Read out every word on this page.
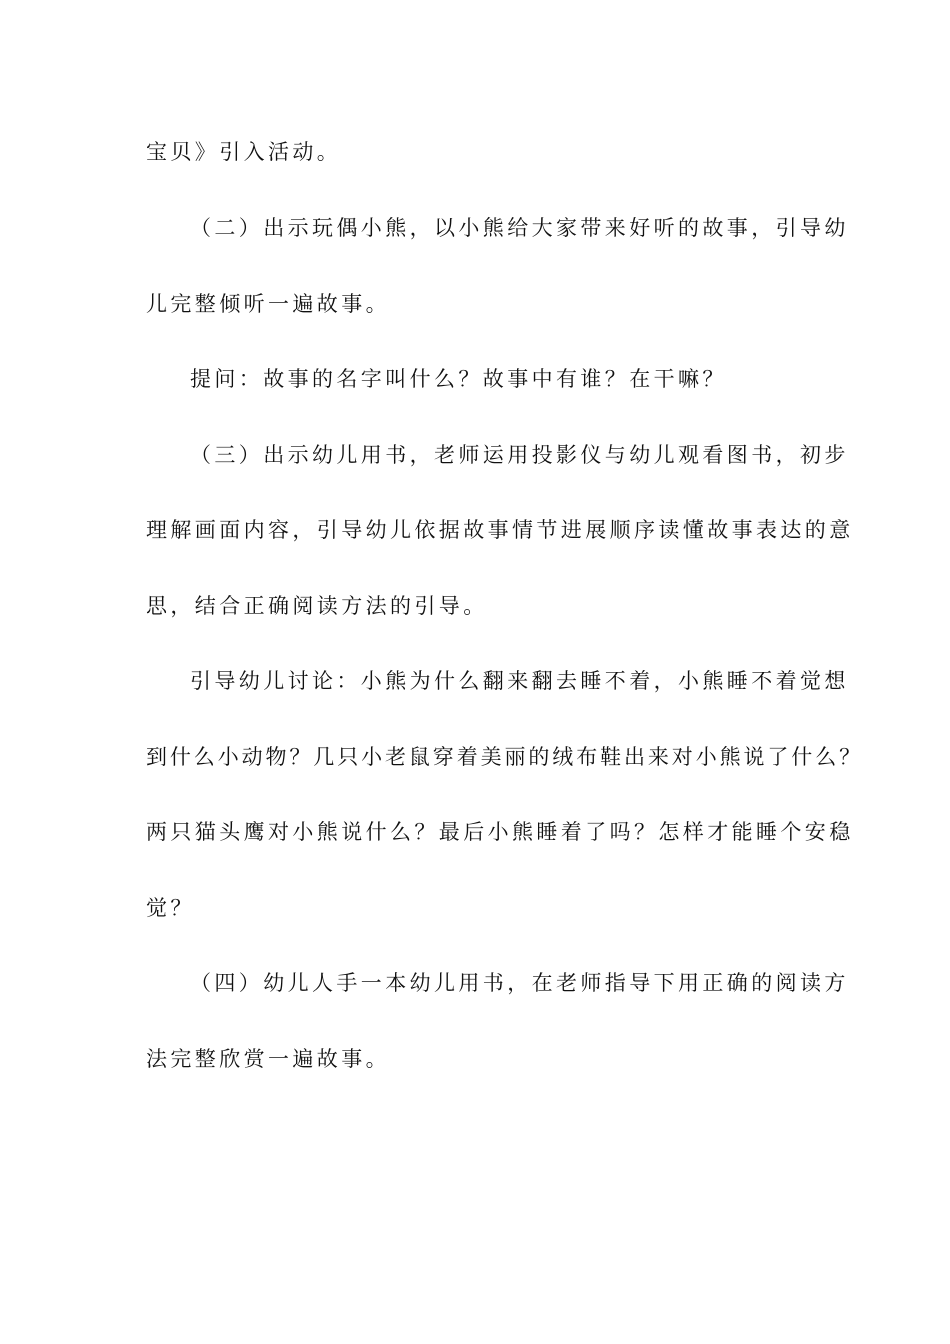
宝贝》引入活动。
（二）出示玩偶小熊，以小熊给大家带来好听的故事，引导幼
儿完整倾听一遍故事。
提问：故事的名字叫什么？故事中有谁？在干嘛？
（三）出示幼儿用书，老师运用投影仪与幼儿观看图书，初步
理解画面内容，引导幼儿依据故事情节进展顺序读懂故事表达的意
思，结合正确阅读方法的引导。
引导幼儿讨论：小熊为什么翻来翻去睡不着，小熊睡不着觉想
到什么小动物？几只小老鼠穿着美丽的绒布鞋出来对小熊说了什么？
两只猫头鹰对小熊说什么？最后小熊睡着了吗？怎样才能睡个安稳
觉？
（四）幼儿人手一本幼儿用书，在老师指导下用正确的阅读方
法完整欣赏一遍故事。
